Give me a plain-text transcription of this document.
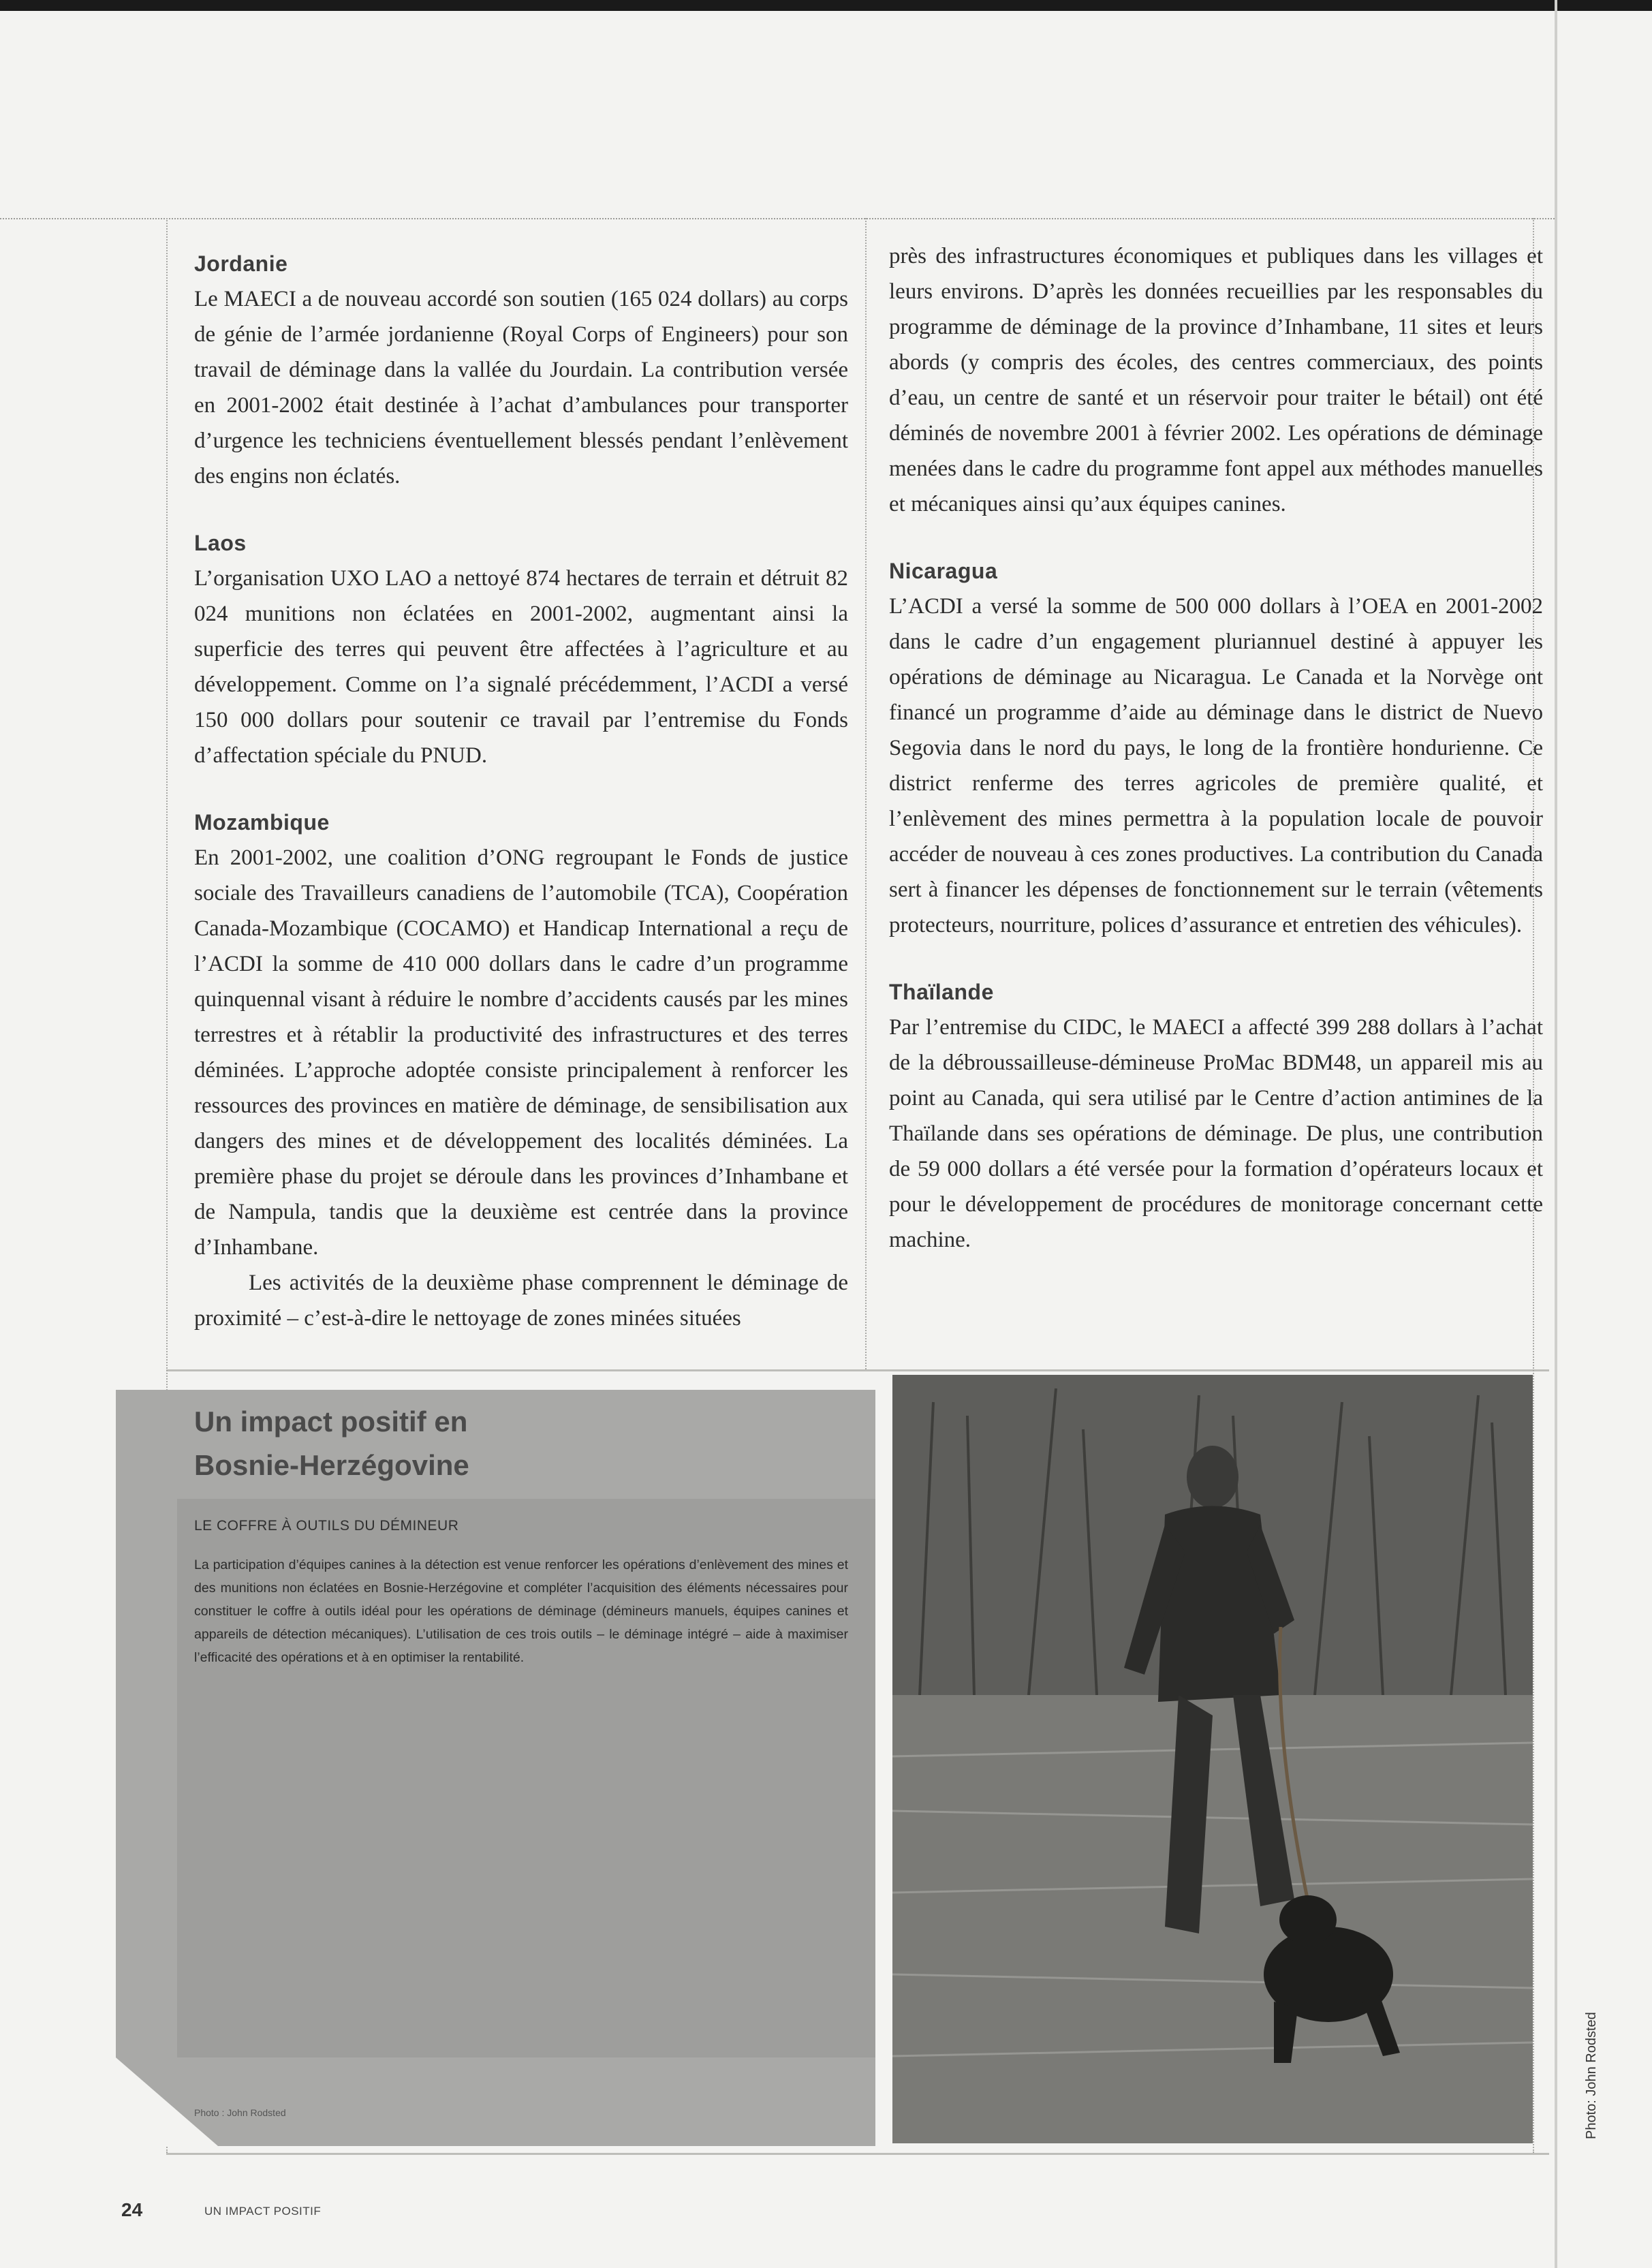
Jordanie

Le MAECI a de nouveau accordé son soutien (165 024 dollars) au corps de génie de l’armée jordanienne (Royal Corps of Engineers) pour son travail de déminage dans la vallée du Jourdain. La contribution versée en 2001-2002 était destinée à l’achat d’ambulances pour transporter d’urgence les techniciens éventuellement blessés pendant l’enlèvement des engins non éclatés.

Laos

L’organisation UXO LAO a nettoyé 874 hectares de terrain et détruit 82 024 munitions non éclatées en 2001-2002, augmentant ainsi la superficie des terres qui peuvent être affectées à l’agriculture et au développement. Comme on l’a signalé précédemment, l’ACDI a versé 150 000 dollars pour soutenir ce travail par l’entremise du Fonds d’affectation spéciale du PNUD.

Mozambique

En 2001-2002, une coalition d’ONG regroupant le Fonds de justice sociale des Travailleurs canadiens de l’automobile (TCA), Coopération Canada-Mozambique (COCAMO) et Handicap International a reçu de l’ACDI la somme de 410 000 dollars dans le cadre d’un programme quinquennal visant à réduire le nombre d’accidents causés par les mines terrestres et à rétablir la productivité des infrastructures et des terres déminées. L’approche adoptée consiste principalement à renforcer les ressources des provinces en matière de déminage, de sensibilisation aux dangers des mines et de développement des localités déminées. La première phase du projet se déroule dans les provinces d’Inhambane et de Nampula, tandis que la deuxième est centrée dans la province d’Inhambane.

Les activités de la deuxième phase comprennent le déminage de proximité – c’est-à-dire le nettoyage de zones minées situées

près des infrastructures économiques et publiques dans les villages et leurs environs. D’après les données recueillies par les responsables du programme de déminage de la province d’Inhambane, 11 sites et leurs abords (y compris des écoles, des centres commerciaux, des points d’eau, un centre de santé et un réservoir pour traiter le bétail) ont été déminés de novembre 2001 à février 2002. Les opérations de déminage menées dans le cadre du programme font appel aux méthodes manuelles et mécaniques ainsi qu’aux équipes canines.

Nicaragua

L’ACDI a versé la somme de 500 000 dollars à l’OEA en 2001-2002 dans le cadre d’un engagement pluriannuel destiné à appuyer les opérations de déminage au Nicaragua. Le Canada et la Norvège ont financé un programme d’aide au déminage dans le district de Nuevo Segovia dans le nord du pays, le long de la frontière hondurienne. Ce district renferme des terres agricoles de première qualité, et l’enlèvement des mines permettra à la population locale de pouvoir accéder de nouveau à ces zones productives. La contribution du Canada sert à financer les dépenses de fonctionnement sur le terrain (vêtements protecteurs, nourriture, polices d’assurance et entretien des véhicules).

Thaïlande

Par l’entremise du CIDC, le MAECI a affecté 399 288 dollars à l’achat de la débroussailleuse-démineuse ProMac BDM48, un appareil mis au point au Canada, qui sera utilisé par le Centre d’action antimines de la Thaïlande dans ses opérations de déminage. De plus, une contribution de 59 000 dollars a été versée pour la formation d’opérateurs locaux et pour le développement de procédures de monitorage concernant cette machine.

Un impact positif en
Bosnie-Herzégovine

LE COFFRE À OUTILS DU DÉMINEUR

La participation d’équipes canines à la détection est venue renforcer les opérations d’enlèvement des mines et des munitions non éclatées en Bosnie-Herzégovine et compléter l’acquisition des éléments nécessaires pour constituer le coffre à outils idéal pour les opérations de déminage (démineurs manuels, équipes canines et appareils de détection mécaniques). L’utilisation de ces trois outils – le déminage intégré – aide à maximiser l’efficacité des opérations et à en optimiser la rentabilité.

Photo : John Rodsted	Photo: John Rodsted
24	UN IMPACT POSITIF
